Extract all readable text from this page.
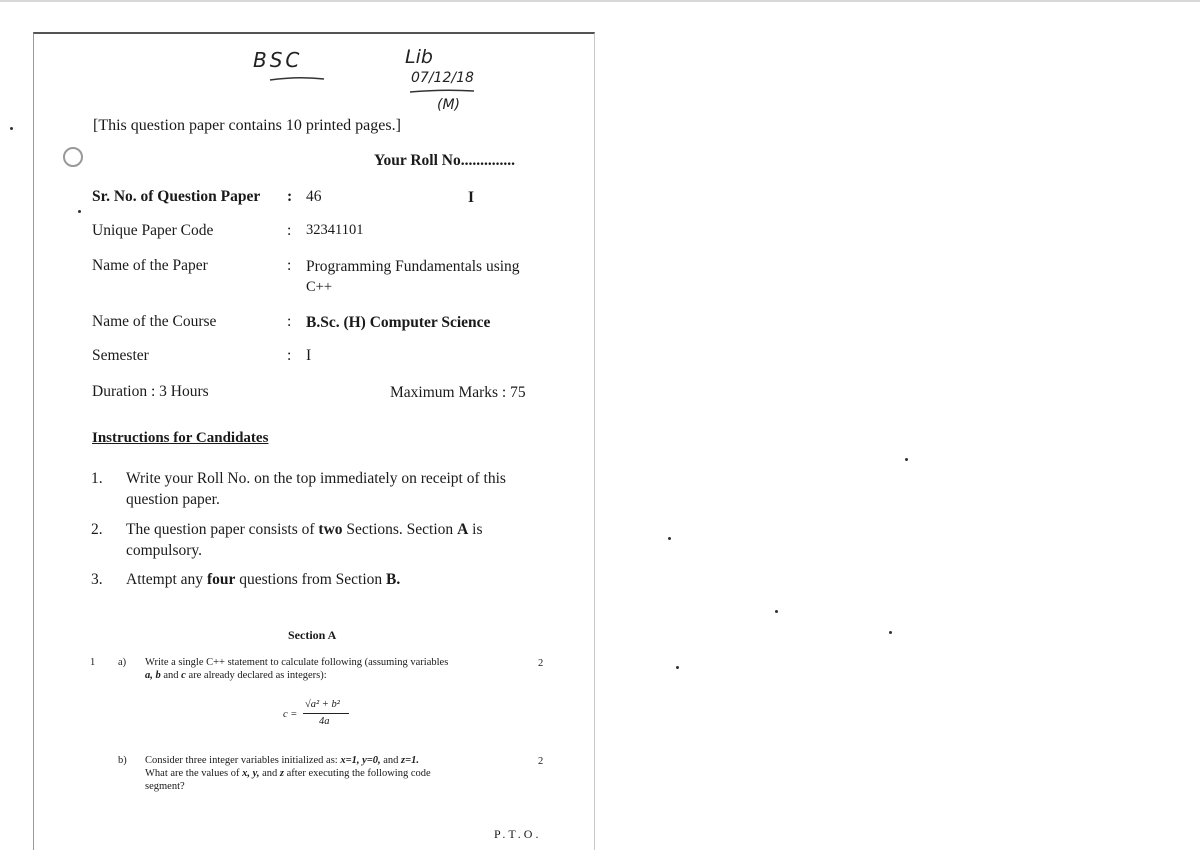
BSC	Lib
07/12/18
(M)
[This question paper contains 10 printed pages.]
Your Roll No..............
Sr. No. of Question Paper : 46	I
Unique Paper Code	: 32341101
Name of the Paper	: Programming Fundamentals using
C++
Name of the Course	: B.Sc. (H) Computer Science
Semester	: I
Duration : 3 Hours	Maximum Marks : 75
Instructions for Candidates
1. Write your Roll No. on the top immediately on receipt of this question paper.
2. The question paper consists of two Sections. Section A is compulsory.
3. Attempt any four questions from Section B.
Section A
1 a) Write a single C++ statement to calculate following (assuming variables
a, b and c are already declared as integers):
2
c =
√a² + b²
4a
b) Consider three integer variables initialized as: x=1, y=0, and z=1.
What are the values of x, y, and z after executing the following code
segment?
2
P.T.O.
